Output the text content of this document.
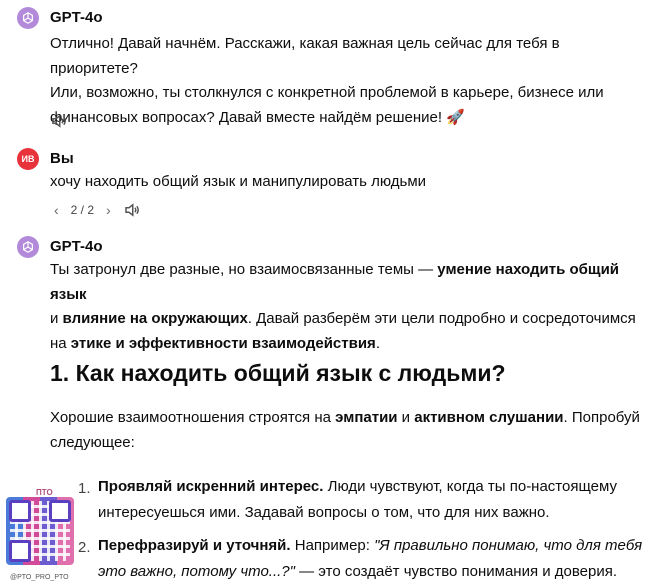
GPT-4o
Отлично! Давай начнём. Расскажи, какая важная цель сейчас для тебя в приоритете?
Или, возможно, ты столкнулся с конкретной проблемой в карьере, бизнесе или
финансовых вопросах? Давай вместе найдём решение! 🚀
ИВ	Вы
хочу находить общий язык и манипулировать людьми
‹ 2 / 2 ›
GPT-4o
Ты затронул две разные, но взаимосвязанные темы — умение находить общий язык
и влияние на окружающих. Давай разберём эти цели подробно и сосредоточимся
на этике и эффективности взаимодействия.
1. Как находить общий язык с людьми?
Хорошие взаимоотношения строятся на эмпатии и активном слушании. Попробуй
следующее:
1. Проявляй искренний интерес. Люди чувствуют, когда ты по-настоящему
интересуешься ими. Задавай вопросы о том, что для них важно.
2. Перефразируй и уточняй. Например: "Я правильно понимаю, что для тебя
это важно, потому что...?" — это создаёт чувство понимания и доверия.
ПТО
@PTO_PRO_PTO
